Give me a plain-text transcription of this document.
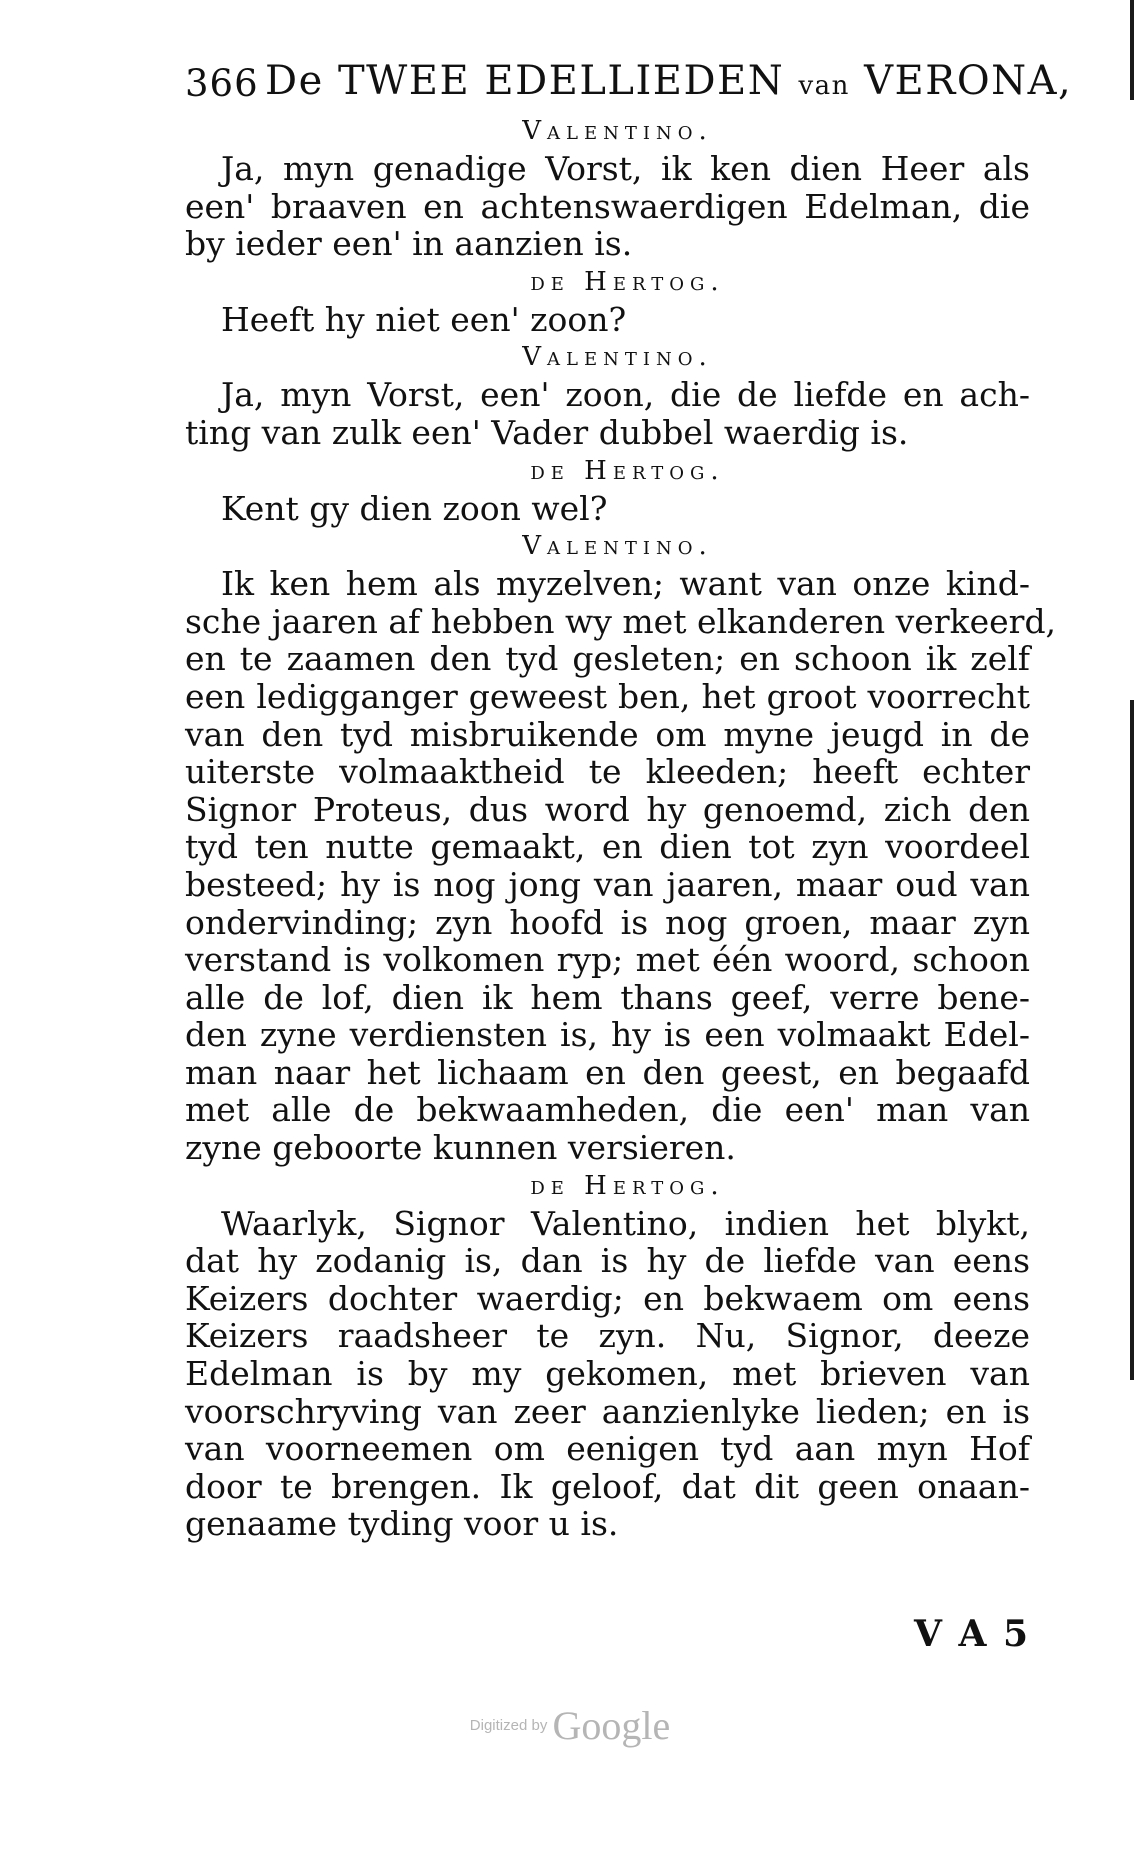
366 De TWEE EDELLIEDEN van VERONA,
Valentino.

Ja, myn genadige Vorst, ik ken dien Heer als
een' braaven en achtenswaerdigen Edelman, die
by ieder een' in aanzien is.

de Hertog.

Heeft hy niet een' zoon?

Valentino.

Ja, myn Vorst, een' zoon, die de liefde en ach-
ting van zulk een' Vader dubbel waerdig is.

de Hertog.

Kent gy dien zoon wel?

Valentino.

Ik ken hem als myzelven; want van onze kind-
sche jaaren af hebben wy met elkanderen verkeerd,
en te zaamen den tyd gesleten; en schoon ik zelf
een ledigganger geweest ben, het groot voorrecht
van den tyd misbruikende om myne jeugd in de
uiterste volmaaktheid te kleeden; heeft echter
Signor Proteus, dus word hy genoemd, zich den
tyd ten nutte gemaakt, en dien tot zyn voordeel
besteed; hy is nog jong van jaaren, maar oud van
ondervinding; zyn hoofd is nog groen, maar zyn
verstand is volkomen ryp; met één woord, schoon
alle de lof, dien ik hem thans geef, verre bene-
den zyne verdiensten is, hy is een volmaakt Edel-
man naar het lichaam en den geest, en begaafd
met alle de bekwaamheden, die een' man van
zyne geboorte kunnen versieren.

de Hertog.

Waarlyk, Signor Valentino, indien het blykt,
dat hy zodanig is, dan is hy de liefde van eens
Keizers dochter waerdig; en bekwaem om eens
Keizers raadsheer te zyn. Nu, Signor, deeze
Edelman is by my gekomen, met brieven van
voorschryving van zeer aanzienlyke lieden; en is
van voorneemen om eenigen tyd aan myn Hof
door te brengen. Ik geloof, dat dit geen onaan-
genaame tyding voor u is.

V A 5
Digitized by Google
